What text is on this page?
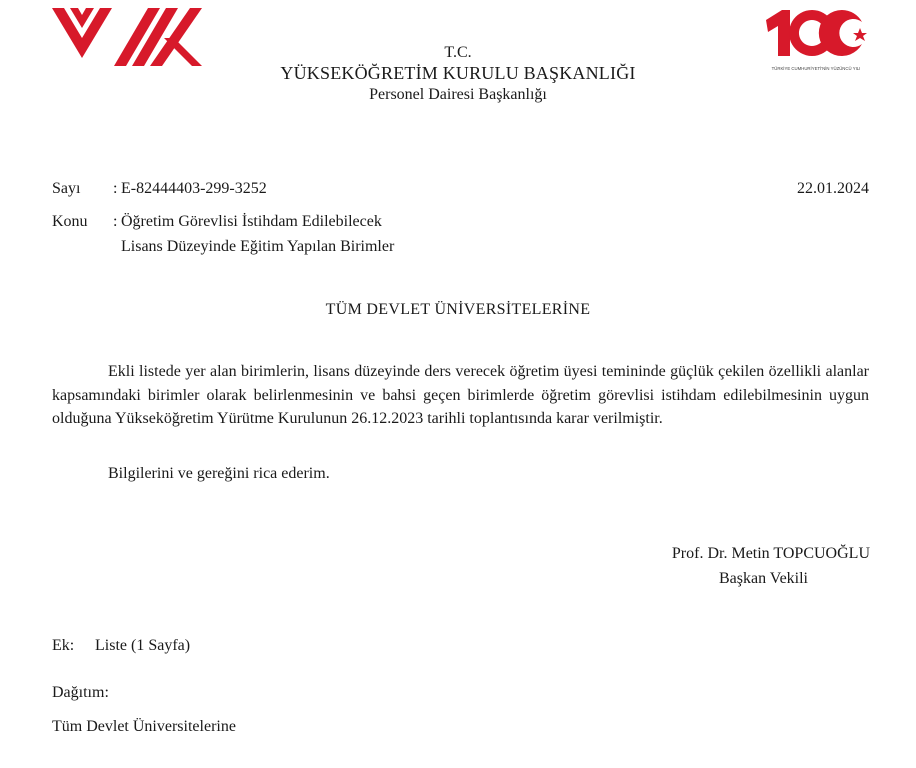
TÜRKİYE CUMHURİYETİ'NİN YÜZÜNCÜ YILI
T.C.
YÜKSEKÖĞRETİM KURULU BAŞKANLIĞI
Personel Dairesi Başkanlığı
Sayı : E-82444403-299-3252	22.01.2024
Konu : Öğretim Görevlisi İstihdam Edilebilecek
Lisans Düzeyinde Eğitim Yapılan Birimler
TÜM DEVLET ÜNİVERSİTELERİNE

Ekli listede yer alan birimlerin, lisans düzeyinde ders verecek öğretim üyesi temininde güçlük çekilen özellikli alanlar kapsamındaki birimler olarak belirlenmesinin ve bahsi geçen birimlerde öğretim görevlisi istihdam edilebilmesinin uygun olduğuna Yükseköğretim Yürütme Kurulunun 26.12.2023 tarihli toplantısında karar verilmiştir.

Bilgilerini ve gereğini rica ederim.
Prof. Dr. Metin TOPCUOĞLU
Başkan Vekili
Ek: Liste (1 Sayfa)
Dağıtım:
Tüm Devlet Üniversitelerine
